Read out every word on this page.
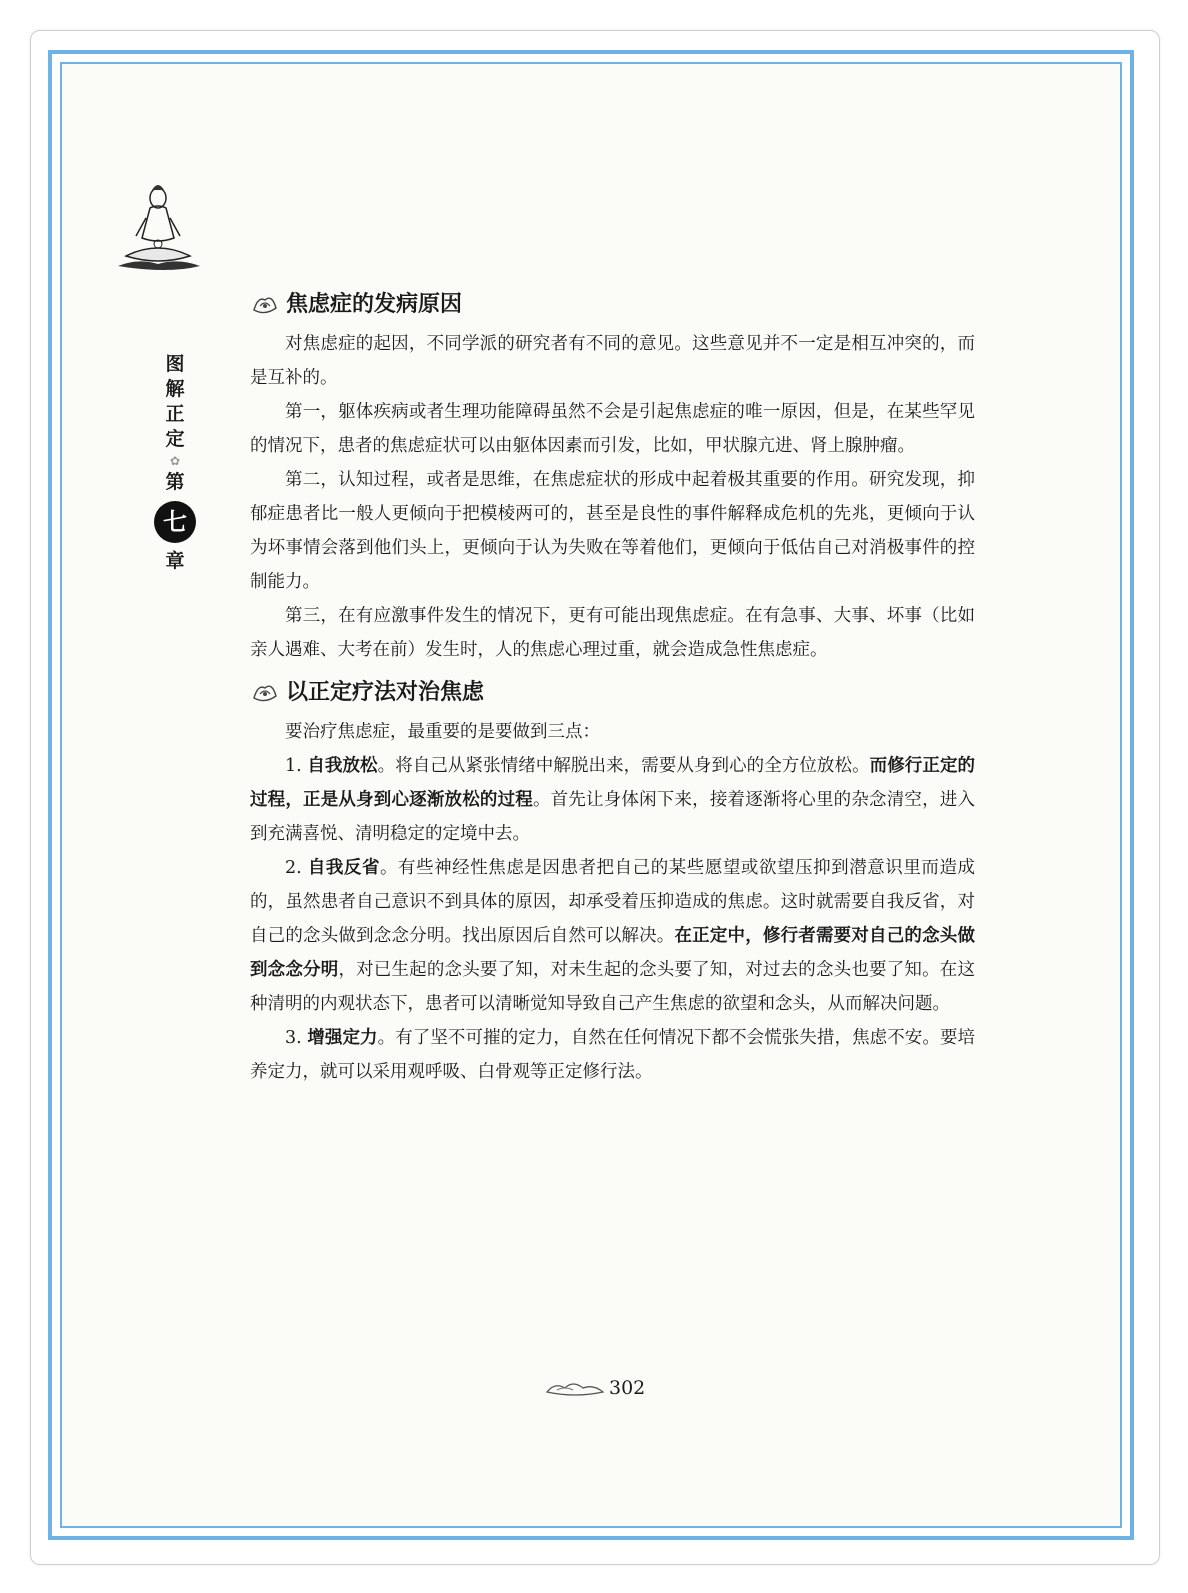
图
解
正
定
✿
第
七
章
焦虑症的发病原因

对焦虑症的起因，不同学派的研究者有不同的意见。这些意见并不一定是相互冲突的，而是互补的。

第一，躯体疾病或者生理功能障碍虽然不会是引起焦虑症的唯一原因，但是，在某些罕见的情况下，患者的焦虑症状可以由躯体因素而引发，比如，甲状腺亢进、肾上腺肿瘤。

第二，认知过程，或者是思维，在焦虑症状的形成中起着极其重要的作用。研究发现，抑郁症患者比一般人更倾向于把模棱两可的，甚至是良性的事件解释成危机的先兆，更倾向于认为坏事情会落到他们头上，更倾向于认为失败在等着他们，更倾向于低估自己对消极事件的控制能力。

第三，在有应激事件发生的情况下，更有可能出现焦虑症。在有急事、大事、坏事（比如亲人遇难、大考在前）发生时，人的焦虑心理过重，就会造成急性焦虑症。

以正定疗法对治焦虑

要治疗焦虑症，最重要的是要做到三点：

1. 自我放松。将自己从紧张情绪中解脱出来，需要从身到心的全方位放松。而修行正定的过程，正是从身到心逐渐放松的过程。首先让身体闲下来，接着逐渐将心里的杂念清空，进入到充满喜悦、清明稳定的定境中去。

2. 自我反省。有些神经性焦虑是因患者把自己的某些愿望或欲望压抑到潜意识里而造成的，虽然患者自己意识不到具体的原因，却承受着压抑造成的焦虑。这时就需要自我反省，对自己的念头做到念念分明。找出原因后自然可以解决。在正定中，修行者需要对自己的念头做到念念分明，对已生起的念头要了知，对未生起的念头要了知，对过去的念头也要了知。在这种清明的内观状态下，患者可以清晰觉知导致自己产生焦虑的欲望和念头，从而解决问题。

3. 增强定力。有了坚不可摧的定力，自然在任何情况下都不会慌张失措，焦虑不安。要培养定力，就可以采用观呼吸、白骨观等正定修行法。

302
